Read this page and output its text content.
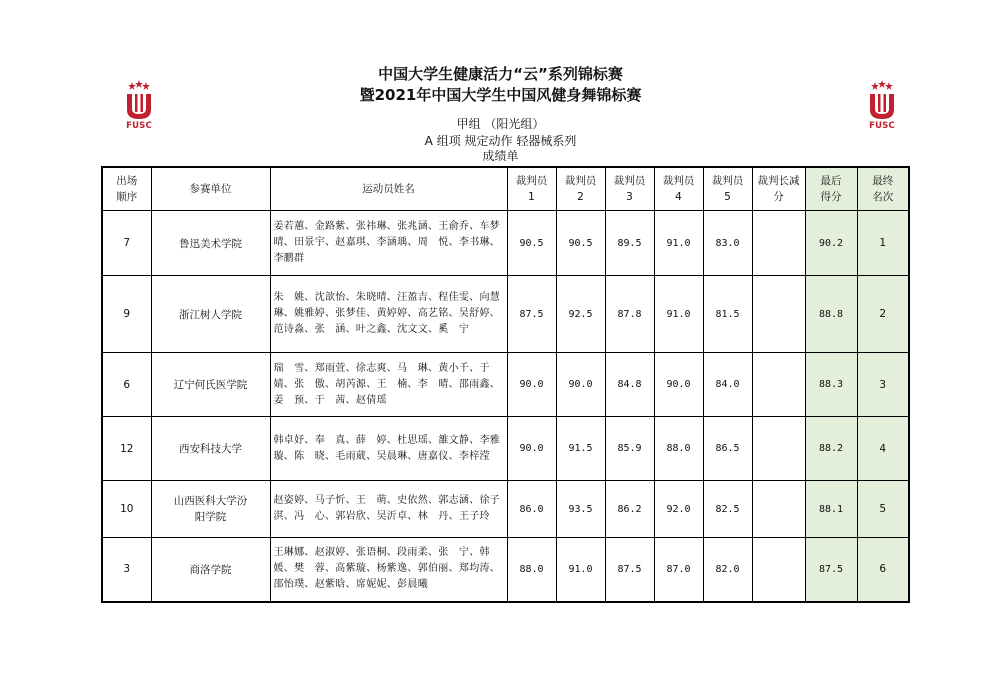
FUSC	FUSC
中国大学生健康活力“云”系列锦标赛
暨2021年中国大学生中国风健身舞锦标赛
甲组 （阳光组）
A 组项 规定动作 轻器械系列
成绩单
出场顺序	参赛单位	运动员姓名	裁判员1	裁判员2	裁判员3	裁判员4	裁判员5	裁判长减分	最后得分	最终名次
7	鲁迅美术学院	姜若蕙、金路紫、张祎琳、张兆涵、王俞乔、车梦晴、田景宇、赵嘉琪、李涵瑀、周　悦、李书琳、李鹏群	90.5	90.5	89.5	91.0	83.0		90.2	1
9	浙江树人学院	朱　姚、沈歆怡、朱晓晴、汪盈吉、程佳雯、向慧琳、姚雅婷、张梦佳、黄婷婷、高艺铭、吴舒婷、范诗淼、张　涵、叶之鑫、沈文文、奚　宁	87.5	92.5	87.8	91.0	81.5		88.8	2
6	辽宁何氏医学院	瑞　雪、郑雨萱、徐志爽、马　琳、黄小千、于　婧、张　傲、胡芮源、王　楠、李　晴、邵雨鑫、姜　预、于　茜、赵倩瑶	90.0	90.0	84.8	90.0	84.0		88.3	3
12	西安科技大学	韩卓妤、奉　真、薛　婷、杜思瑶、雒文静、李雅璇、陈　晓、毛雨葳、吴晨琳、唐嘉仪、李梓滢	90.0	91.5	85.9	88.0	86.5		88.2	4
10	山西医科大学汾阳学院	赵姿婷、马子忻、王　萌、史依然、郭志涵、徐子淇、冯　心、郭岩欣、吴沂卓、林　丹、王子玲	86.0	93.5	86.2	92.0	82.5		88.1	5
3	商洛学院	王琳娜、赵淑婷、张语桐、段雨柔、张　宁、韩　媛、樊　蓉、高紫璇、杨紫逸、郭伯丽、郑均涛、邵怡璞、赵紫晗、席妮妮、彭晨曦	88.0	91.0	87.5	87.0	82.0		87.5	6
